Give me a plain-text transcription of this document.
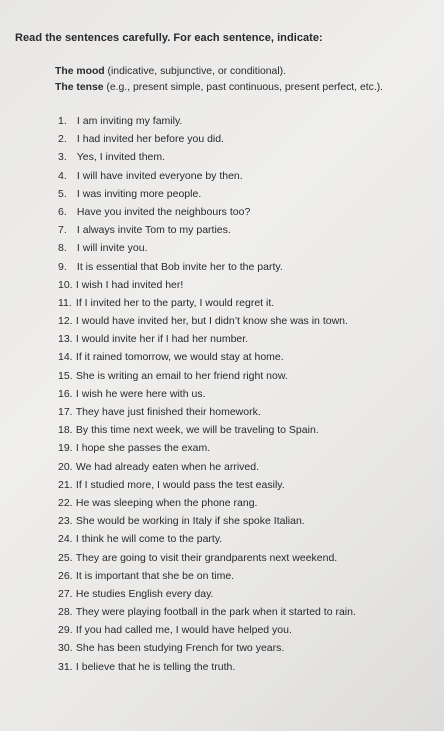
Read the sentences carefully. For each sentence, indicate:
The mood (indicative, subjunctive, or conditional).
The tense (e.g., present simple, past continuous, present perfect, etc.).
1. I am inviting my family.
2. I had invited her before you did.
3. Yes, I invited them.
4. I will have invited everyone by then.
5. I was inviting more people.
6. Have you invited the neighbours too?
7. I always invite Tom to my parties.
8. I will invite you.
9. It is essential that Bob invite her to the party.
10. I wish I had invited her!
11. If I invited her to the party, I would regret it.
12. I would have invited her, but I didn’t know she was in town.
13. I would invite her if I had her number.
14. If it rained tomorrow, we would stay at home.
15. She is writing an email to her friend right now.
16. I wish he were here with us.
17. They have just finished their homework.
18. By this time next week, we will be traveling to Spain.
19. I hope she passes the exam.
20. We had already eaten when he arrived.
21. If I studied more, I would pass the test easily.
22. He was sleeping when the phone rang.
23. She would be working in Italy if she spoke Italian.
24. I think he will come to the party.
25. They are going to visit their grandparents next weekend.
26. It is important that she be on time.
27. He studies English every day.
28. They were playing football in the park when it started to rain.
29. If you had called me, I would have helped you.
30. She has been studying French for two years.
31. I believe that he is telling the truth.
